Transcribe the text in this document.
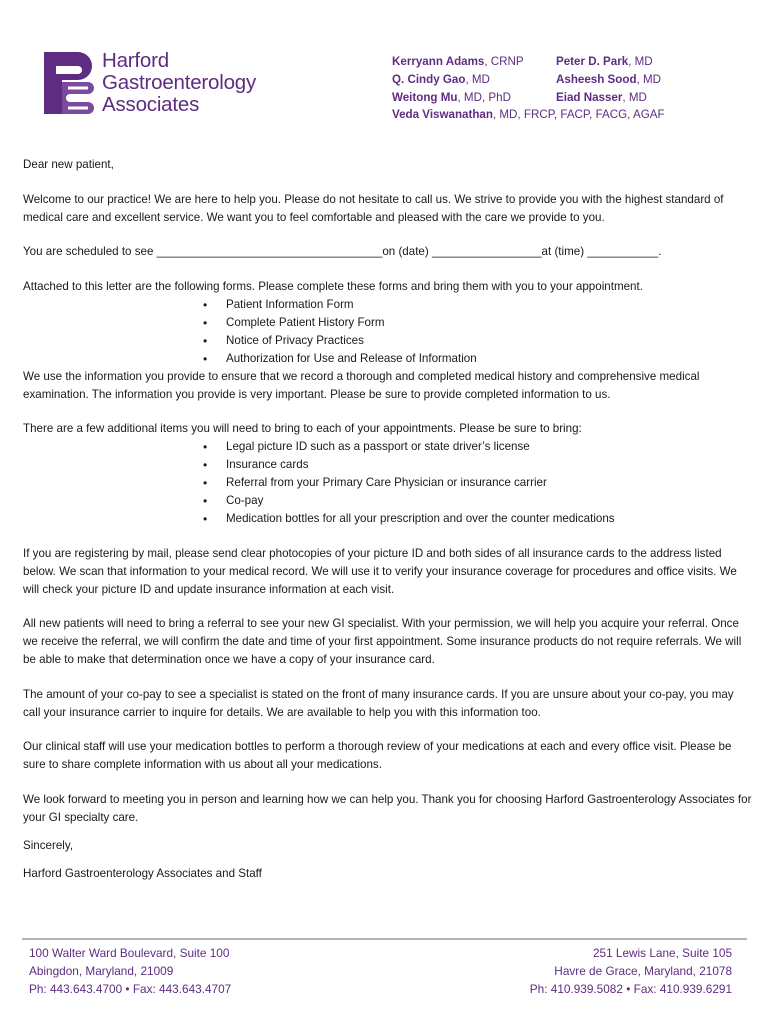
Harford
Gastroenterology
Associates
Kerryann Adams, CRNP	Peter D. Park, MD
Q. Cindy Gao, MD	Asheesh Sood, MD
Weitong Mu, MD, PhD	Eiad Nasser, MD
Veda Viswanathan, MD, FRCP, FACP, FACG, AGAF

Dear new patient,

Welcome to our practice! We are here to help you. Please do not hesitate to call us. We strive to provide you with the highest standard of medical care and excellent service. We want you to feel comfortable and pleased with the care we provide to you.

You are scheduled to see ___________________________________on (date) _________________at (time) ___________.

Attached to this letter are the following forms. Please complete these forms and bring them with you to your appointment.

• Patient Information Form
• Complete Patient History Form
• Notice of Privacy Practices
• Authorization for Use and Release of Information

We use the information you provide to ensure that we record a thorough and completed medical history and comprehensive medical examination. The information you provide is very important. Please be sure to provide completed information to us.

There are a few additional items you will need to bring to each of your appointments. Please be sure to bring:

• Legal picture ID such as a passport or state driver’s license
• Insurance cards
• Referral from your Primary Care Physician or insurance carrier
• Co-pay
• Medication bottles for all your prescription and over the counter medications

If you are registering by mail, please send clear photocopies of your picture ID and both sides of all insurance cards to the address listed below. We scan that information to your medical record. We will use it to verify your insurance coverage for procedures and office visits. We will check your picture ID and update insurance information at each visit.

All new patients will need to bring a referral to see your new GI specialist. With your permission, we will help you acquire your referral. Once we receive the referral, we will confirm the date and time of your first appointment. Some insurance products do not require referrals. We will be able to make that determination once we have a copy of your insurance card.

The amount of your co-pay to see a specialist is stated on the front of many insurance cards. If you are unsure about your co-pay, you may call your insurance carrier to inquire for details. We are available to help you with this information too.

Our clinical staff will use your medication bottles to perform a thorough review of your medications at each and every office visit. Please be sure to share complete information with us about all your medications.

We look forward to meeting you in person and learning how we can help you. Thank you for choosing Harford Gastroenterology Associates for your GI specialty care.

Sincerely,

Harford Gastroenterology Associates and Staff

100 Walter Ward Boulevard, Suite 100
Abingdon, Maryland, 21009
Ph: 443.643.4700 • Fax: 443.643.4707
251 Lewis Lane, Suite 105
Havre de Grace, Maryland, 21078
Ph: 410.939.5082 • Fax: 410.939.6291
